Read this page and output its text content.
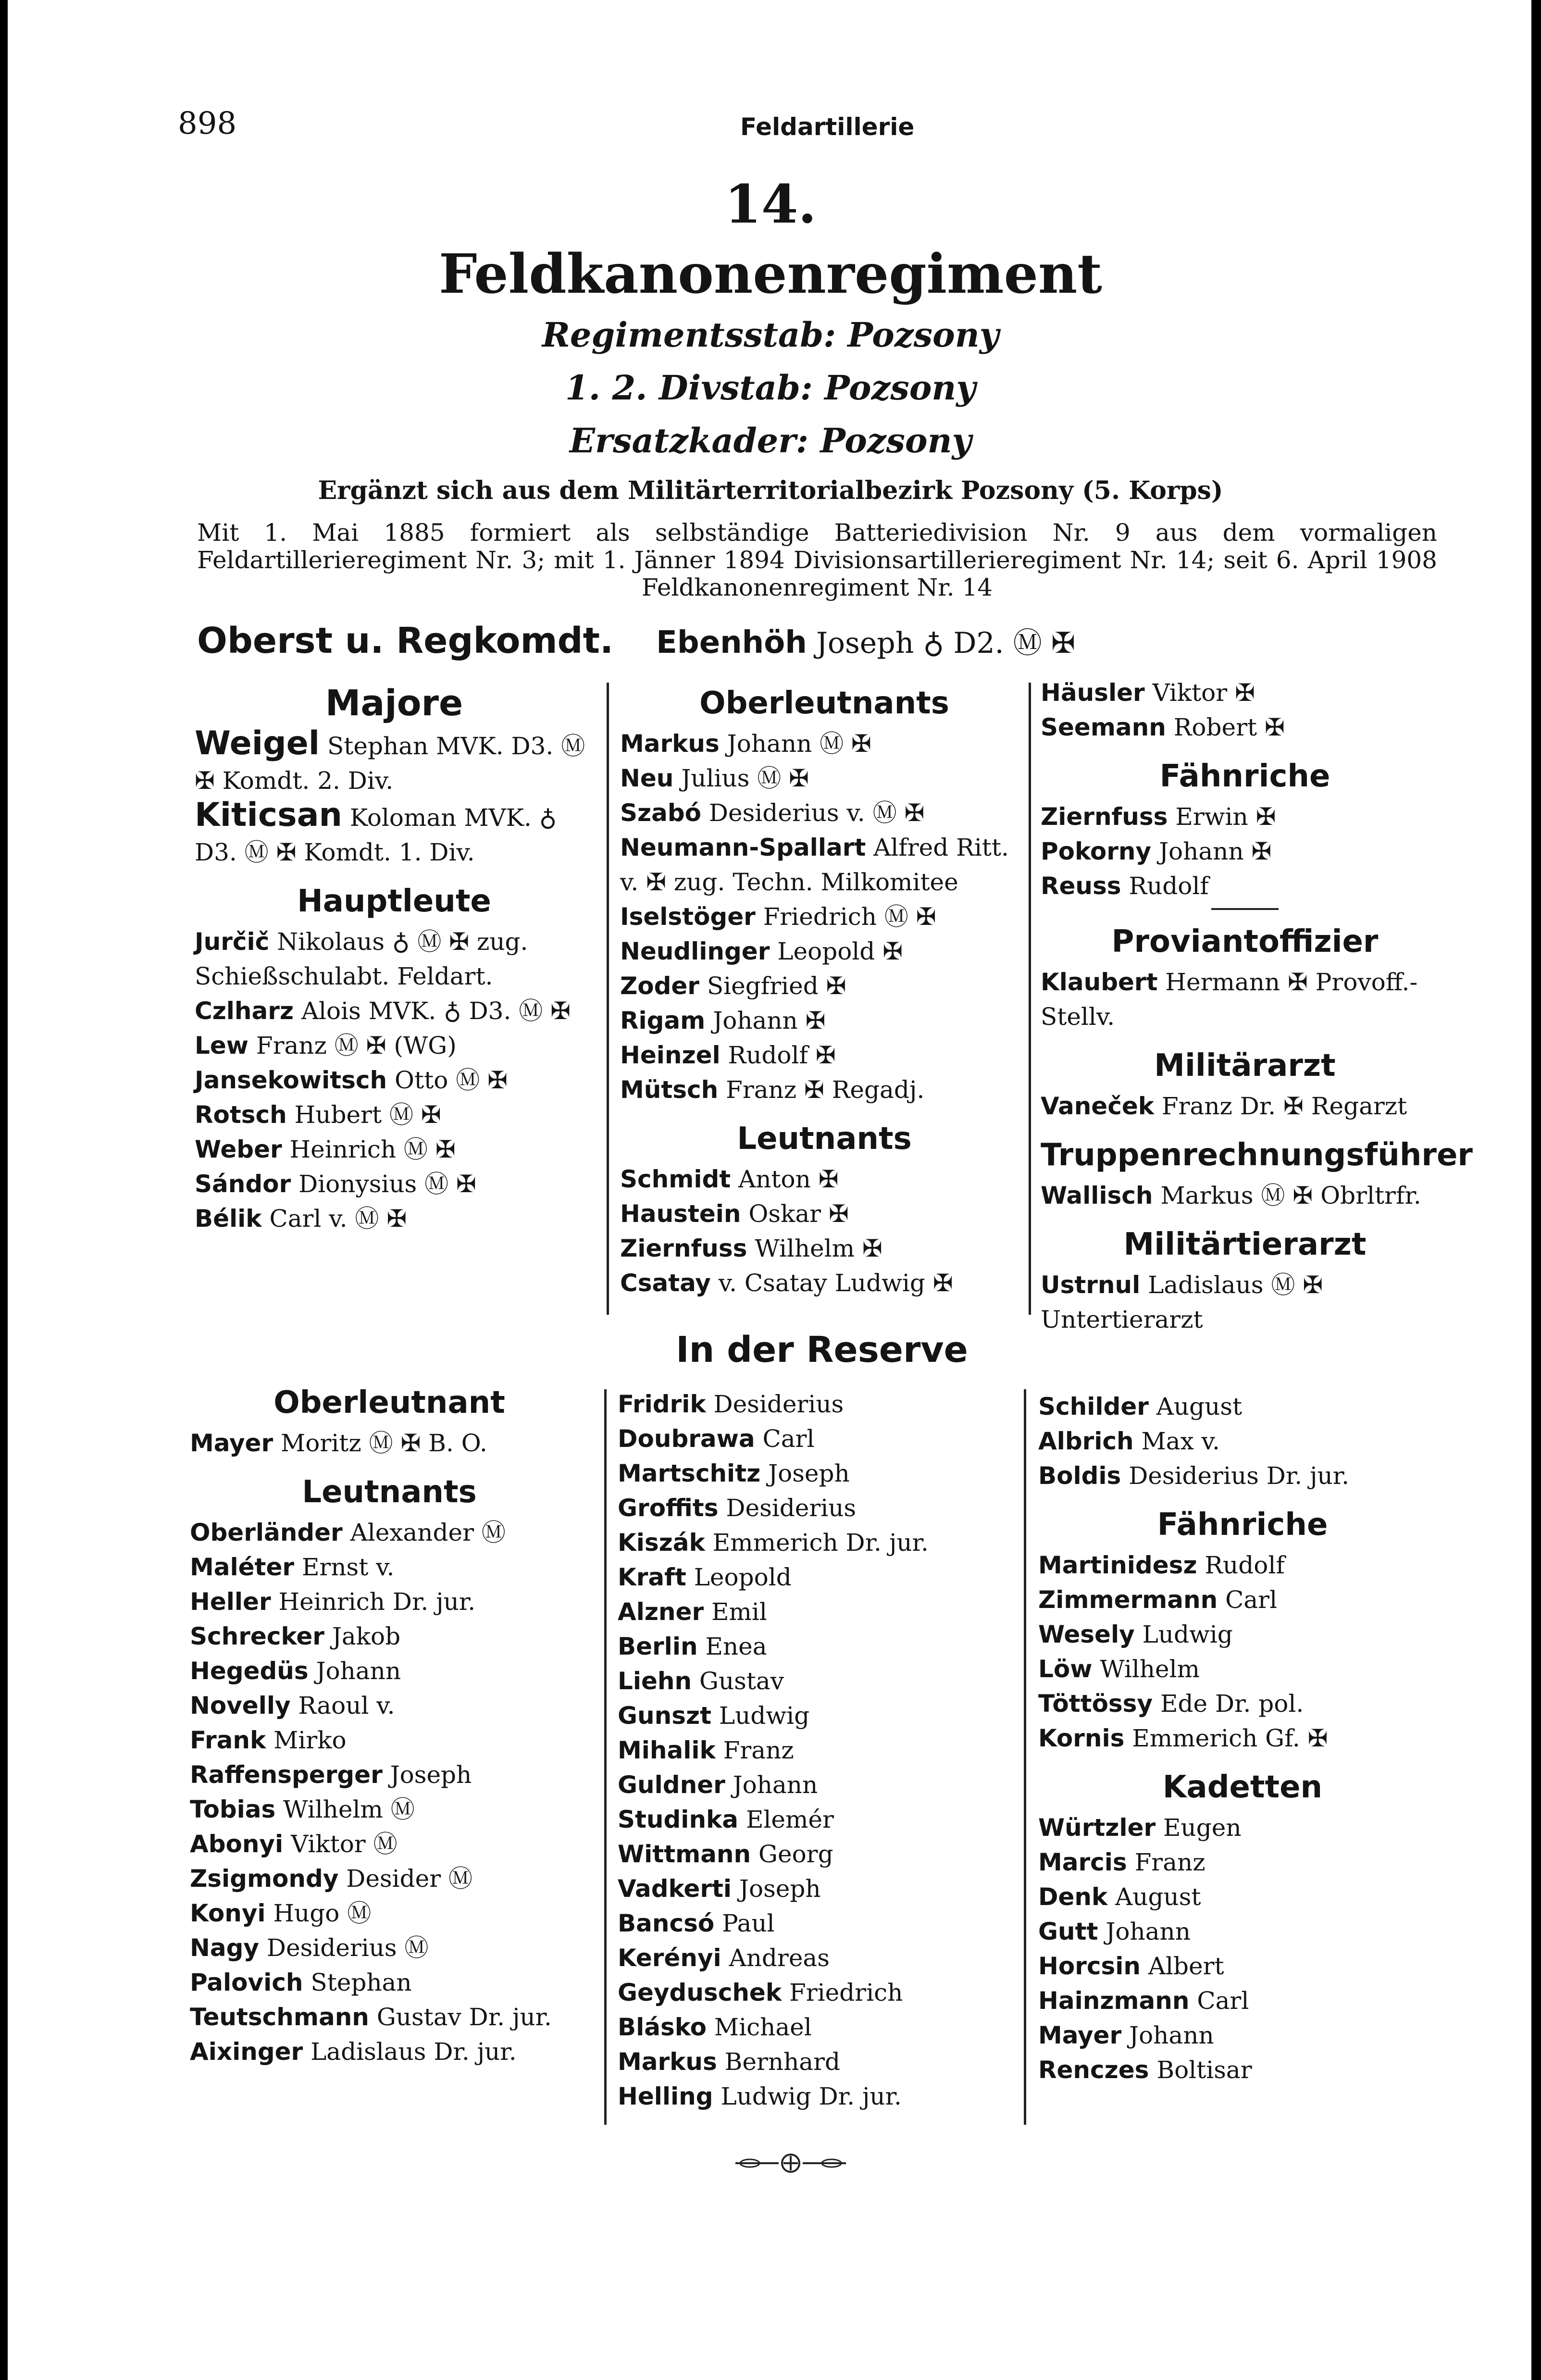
898	Feldartillerie
14.
Feldkanonenregiment
Regimentsstab: Pozsony
1. 2. Divstab: Pozsony
Ersatzkader: Pozsony
Ergänzt sich aus dem Militärterritorialbezirk Pozsony (5. Korps)
Mit 1. Mai 1885 formiert als selbständige Batteriedivision Nr. 9 aus dem vormaligen Feldartillerieregiment Nr. 3; mit 1. Jänner 1894 Divisionsartillerieregiment Nr. 14; seit 6. April 1908 Feldkanonenregiment Nr. 14
Oberst u. Regkomdt. Ebenhöh Joseph ♁ D2. Ⓜ ✠
Majore
Weigel Stephan MVK. D3. Ⓜ ✠ Komdt. 2. Div.
Kiticsan Koloman MVK. ♁ D3. Ⓜ ✠ Komdt. 1. Div.
Hauptleute
Jurčič Nikolaus ♁ Ⓜ ✠ zug. Schießschulabt. Feldart.
Czlharz Alois MVK. ♁ D3. Ⓜ ✠
Lew Franz Ⓜ ✠ (WG)
Jansekowitsch Otto Ⓜ ✠
Rotsch Hubert Ⓜ ✠
Weber Heinrich Ⓜ ✠
Sándor Dionysius Ⓜ ✠
Bélik Carl v. Ⓜ ✠
Oberleutnants
Markus Johann Ⓜ ✠
Neu Julius Ⓜ ✠
Szabó Desiderius v. Ⓜ ✠
Neumann-Spallart Alfred Ritt. v. ✠ zug. Techn. Milkomitee
Iselstöger Friedrich Ⓜ ✠
Neudlinger Leopold ✠
Zoder Siegfried ✠
Rigam Johann ✠
Heinzel Rudolf ✠
Mütsch Franz ✠ Regadj.
Leutnants
Schmidt Anton ✠
Haustein Oskar ✠
Ziernfuss Wilhelm ✠
Csatay v. Csatay Ludwig ✠
Häusler Viktor ✠
Seemann Robert ✠
Fähnriche
Ziernfuss Erwin ✠
Pokorny Johann ✠
Reuss Rudolf
Proviantoffizier
Klaubert Hermann ✠ Provoff.-Stellv.
Militärarzt
Vaneček Franz Dr. ✠ Regarzt
Truppenrechnungsführer
Wallisch Markus Ⓜ ✠ Obrltrfr.
Militärtierarzt
Ustrnul Ladislaus Ⓜ ✠ Untertierarzt
In der Reserve
Oberleutnant
Mayer Moritz Ⓜ ✠ B. O.
Leutnants
Oberländer Alexander Ⓜ
Maléter Ernst v.
Heller Heinrich Dr. jur.
Schrecker Jakob
Hegedüs Johann
Novelly Raoul v.
Frank Mirko
Raffensperger Joseph
Tobias Wilhelm Ⓜ
Abonyi Viktor Ⓜ
Zsigmondy Desider Ⓜ
Konyi Hugo Ⓜ
Nagy Desiderius Ⓜ
Palovich Stephan
Teutschmann Gustav Dr. jur.
Aixinger Ladislaus Dr. jur.
Fridrik Desiderius
Doubrawa Carl
Martschitz Joseph
Groffits Desiderius
Kiszák Emmerich Dr. jur.
Kraft Leopold
Alzner Emil
Berlin Enea
Liehn Gustav
Gunszt Ludwig
Mihalik Franz
Guldner Johann
Studinka Elemér
Wittmann Georg
Vadkerti Joseph
Bancsó Paul
Kerényi Andreas
Geyduschek Friedrich
Blásko Michael
Markus Bernhard
Helling Ludwig Dr. jur.
Schilder August
Albrich Max v.
Boldis Desiderius Dr. jur.
Fähnriche
Martinidesz Rudolf
Zimmermann Carl
Wesely Ludwig
Löw Wilhelm
Töttössy Ede Dr. pol.
Kornis Emmerich Gf. ✠
Kadetten
Würtzler Eugen
Marcis Franz
Denk August
Gutt Johann
Horcsin Albert
Hainzmann Carl
Mayer Johann
Renczes Boltisar
